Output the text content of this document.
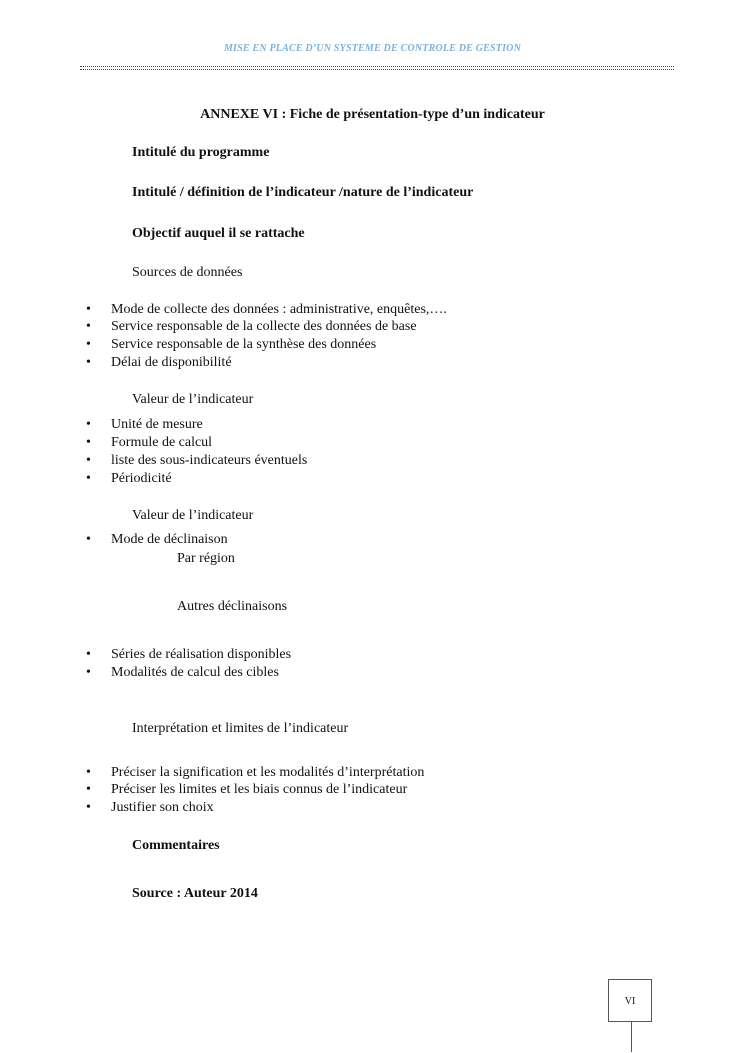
MISE EN PLACE D’UN SYSTEME DE CONTROLE DE GESTION
ANNEXE VI : Fiche de présentation-type d’un indicateur
Intitulé du programme
Intitulé / définition de l’indicateur /nature de l’indicateur
Objectif auquel il se rattache
Sources de données
• Mode de collecte des données : administrative, enquêtes,….
• Service responsable de la collecte des données de base
• Service responsable de la synthèse des données
• Délai de disponibilité
Valeur de l’indicateur
• Unité de mesure
• Formule de calcul
• liste des sous-indicateurs éventuels
• Périodicité
Valeur de l’indicateur
• Mode de déclinaison
Par région
Autres déclinaisons
• Séries de réalisation disponibles
• Modalités de calcul des cibles
Interprétation et limites de l’indicateur
• Préciser la signification et les modalités d’interprétation
• Préciser les limites et les biais connus de l’indicateur
• Justifier son choix
Commentaires
Source : Auteur 2014
VI
